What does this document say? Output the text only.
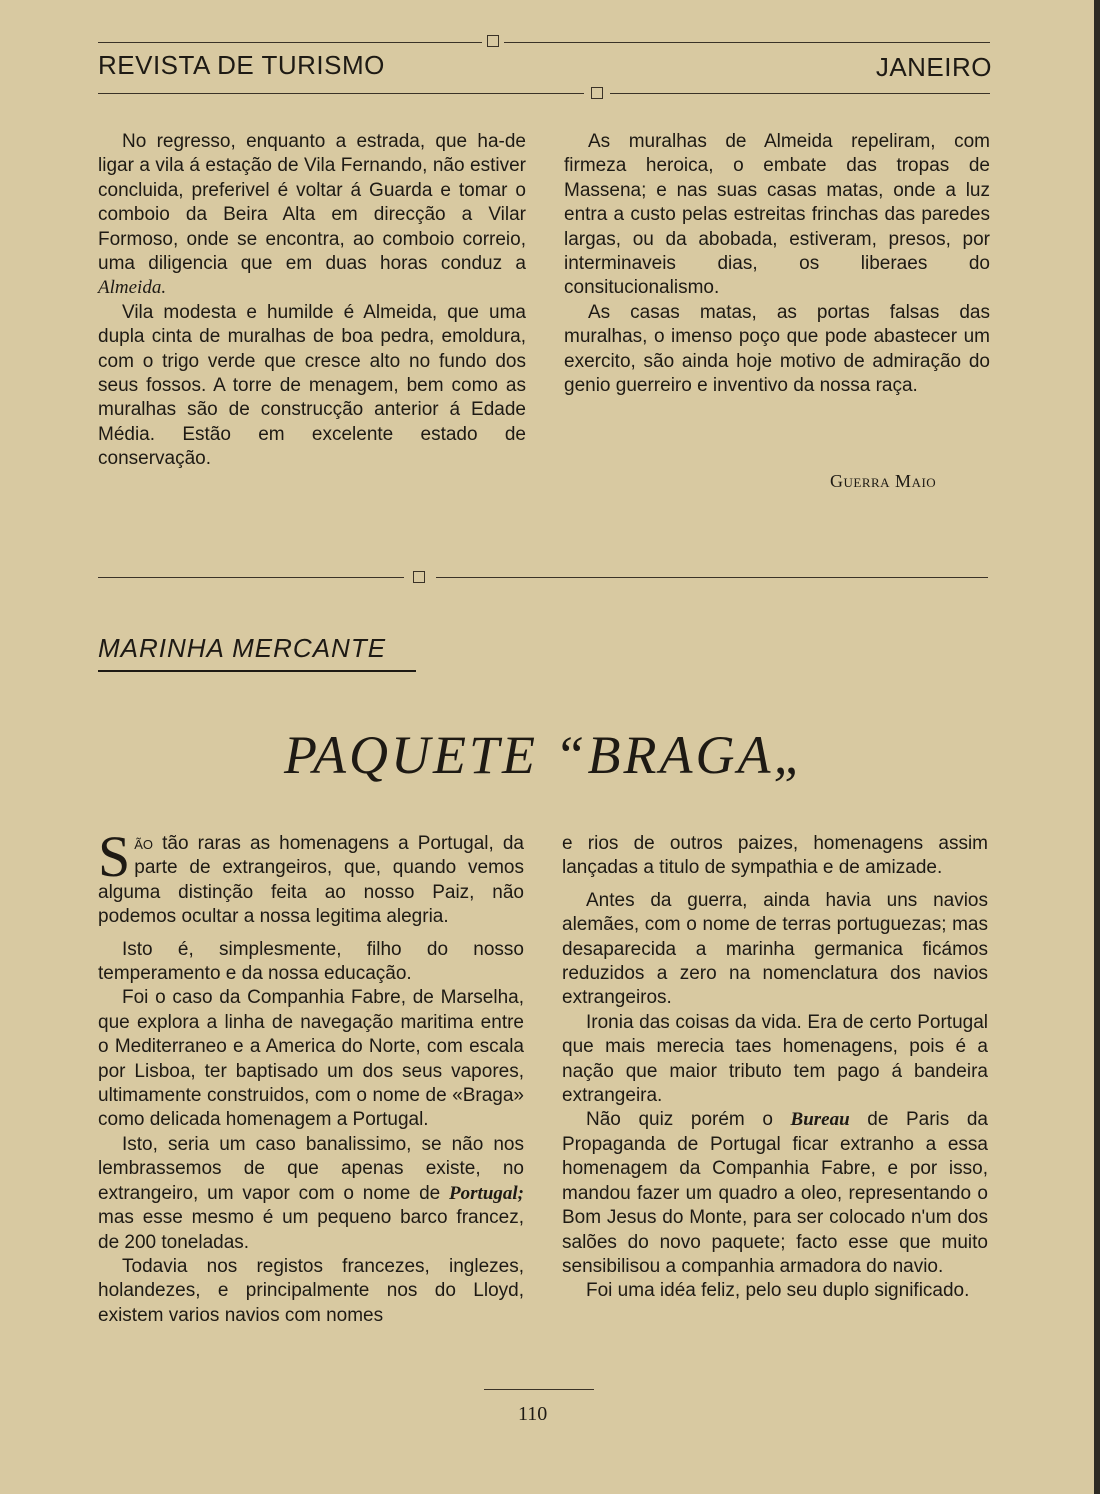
REVISTA DE TURISMO	JANEIRO

No regresso, enquanto a estrada, que ha-de ligar a vila á estação de Vila Fernando, não estiver concluida, preferivel é voltar á Guarda e tomar o comboio da Beira Alta em direcção a Vilar Formoso, onde se encontra, ao comboio correio, uma diligencia que em duas horas conduz a Almeida.

Vila modesta e humilde é Almeida, que uma dupla cinta de muralhas de boa pedra, emoldura, com o trigo verde que cresce alto no fundo dos seus fossos. A torre de menagem, bem como as muralhas são de construcção anterior á Edade Média. Estão em excelente estado de conservação.

As muralhas de Almeida repeliram, com firmeza heroica, o embate das tropas de Massena; e nas suas casas matas, onde a luz entra a custo pelas estreitas frinchas das paredes largas, ou da abobada, estiveram, presos, por interminaveis dias, os liberaes do consitucionalismo.

As casas matas, as portas falsas das muralhas, o imenso poço que pode abastecer um exercito, são ainda hoje motivo de admiração do genio guerreiro e inventivo da nossa raça.

Guerra Maio
MARINHA MERCANTE
PAQUETE “BRAGA„

São tão raras as homenagens a Portugal, da parte de extrangeiros, que, quando vemos alguma distinção feita ao nosso Paiz, não podemos ocultar a nossa legitima alegria.

Isto é, simplesmente, filho do nosso temperamento e da nossa educação.

Foi o caso da Companhia Fabre, de Marselha, que explora a linha de navegação maritima entre o Mediterraneo e a America do Norte, com escala por Lisboa, ter baptisado um dos seus vapores, ultimamente construidos, com o nome de «Braga» como delicada homenagem a Portugal.

Isto, seria um caso banalissimo, se não nos lembrassemos de que apenas existe, no extrangeiro, um vapor com o nome de Portugal; mas esse mesmo é um pequeno barco francez, de 200 toneladas.

Todavia nos registos francezes, inglezes, holandezes, e principalmente nos do Lloyd, existem varios navios com nomes

e rios de outros paizes, homenagens assim lançadas a titulo de sympathia e de amizade.

Antes da guerra, ainda havia uns navios alemães, com o nome de terras portuguezas; mas desaparecida a marinha germanica ficámos reduzidos a zero na nomenclatura dos navios extrangeiros.

Ironia das coisas da vida. Era de certo Portugal que mais merecia taes homenagens, pois é a nação que maior tributo tem pago á bandeira extrangeira.

Não quiz porém o Bureau de Paris da Propaganda de Portugal ficar extranho a essa homenagem da Companhia Fabre, e por isso, mandou fazer um quadro a oleo, representando o Bom Jesus do Monte, para ser colocado n'um dos salões do novo paquete; facto esse que muito sensibilisou a companhia armadora do navio.

Foi uma idéa feliz, pelo seu duplo significado.

110
